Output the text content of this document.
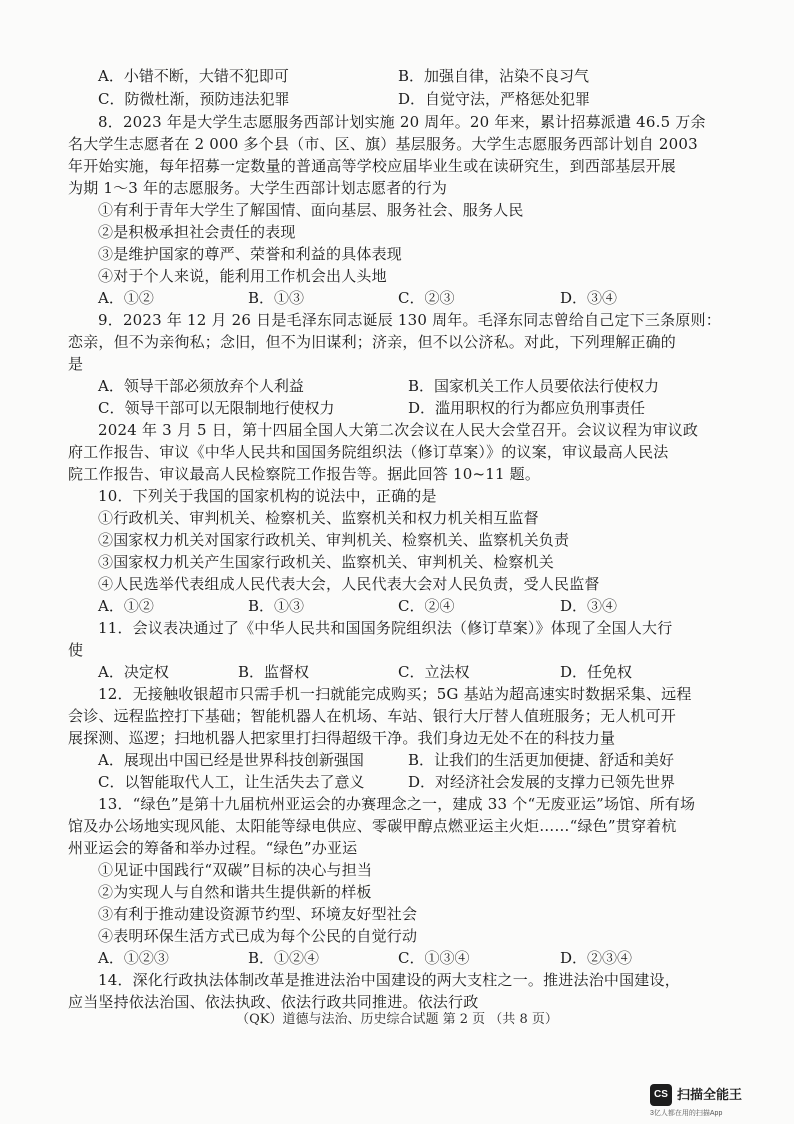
A．小错不断，大错不犯即可	B．加强自律，沾染不良习气
C．防微杜渐，预防违法犯罪	D．自觉守法，严格惩处犯罪
8．2023 年是大学生志愿服务西部计划实施 20 周年。20 年来，累计招募派遣 46.5 万余
名大学生志愿者在 2 000 多个县（市、区、旗）基层服务。大学生志愿服务西部计划自 2003
年开始实施，每年招募一定数量的普通高等学校应届毕业生或在读研究生，到西部基层开展
为期 1～3 年的志愿服务。大学生西部计划志愿者的行为
①有利于青年大学生了解国情、面向基层、服务社会、服务人民
②是积极承担社会责任的表现
③是维护国家的尊严、荣誉和利益的具体表现
④对于个人来说，能利用工作机会出人头地
A．①②	B．①③	C．②③	D．③④
9．2023 年 12 月 26 日是毛泽东同志诞辰 130 周年。毛泽东同志曾给自己定下三条原则：
恋亲，但不为亲徇私；念旧，但不为旧谋利；济亲，但不以公济私。对此，下列理解正确的
是
A．领导干部必须放弃个人利益	B．国家机关工作人员要依法行使权力
C．领导干部可以无限制地行使权力	D．滥用职权的行为都应负刑事责任
2024 年 3 月 5 日，第十四届全国人大第二次会议在人民大会堂召开。会议议程为审议政
府工作报告、审议《中华人民共和国国务院组织法（修订草案）》的议案，审议最高人民法
院工作报告、审议最高人民检察院工作报告等。据此回答 10~11 题。
10．下列关于我国的国家机构的说法中，正确的是
①行政机关、审判机关、检察机关、监察机关和权力机关相互监督
②国家权力机关对国家行政机关、审判机关、检察机关、监察机关负责
③国家权力机关产生国家行政机关、监察机关、审判机关、检察机关
④人民选举代表组成人民代表大会，人民代表大会对人民负责，受人民监督
A．①②	B．①③	C．②④	D．③④
11．会议表决通过了《中华人民共和国国务院组织法（修订草案）》体现了全国人大行
使
A．决定权	B．监督权	C．立法权	D．任免权
12．无接触收银超市只需手机一扫就能完成购买；5G 基站为超高速实时数据采集、远程
会诊、远程监控打下基础；智能机器人在机场、车站、银行大厅替人值班服务；无人机可开
展探测、巡逻；扫地机器人把家里打扫得超级干净。我们身边无处不在的科技力量
A．展现出中国已经是世界科技创新强国	B．让我们的生活更加便捷、舒适和美好
C．以智能取代人工，让生活失去了意义	D．对经济社会发展的支撑力已领先世界
13．“绿色”是第十九届杭州亚运会的办赛理念之一，建成 33 个“无废亚运”场馆、所有场
馆及办公场地实现风能、太阳能等绿电供应、零碳甲醇点燃亚运主火炬……“绿色”贯穿着杭
州亚运会的筹备和举办过程。“绿色”办亚运
①见证中国践行“双碳”目标的决心与担当
②为实现人与自然和谐共生提供新的样板
③有利于推动建设资源节约型、环境友好型社会
④表明环保生活方式已成为每个公民的自觉行动
A．①②③	B．①②④	C．①③④	D．②③④
14．深化行政执法体制改革是推进法治中国建设的两大支柱之一。推进法治中国建设，
应当坚持依法治国、依法执政、依法行政共同推进。依法行政
（QK）道德与法治、历史综合试题 第 2 页 （共 8 页）
CS 扫描全能王
3亿人都在用的扫描App
